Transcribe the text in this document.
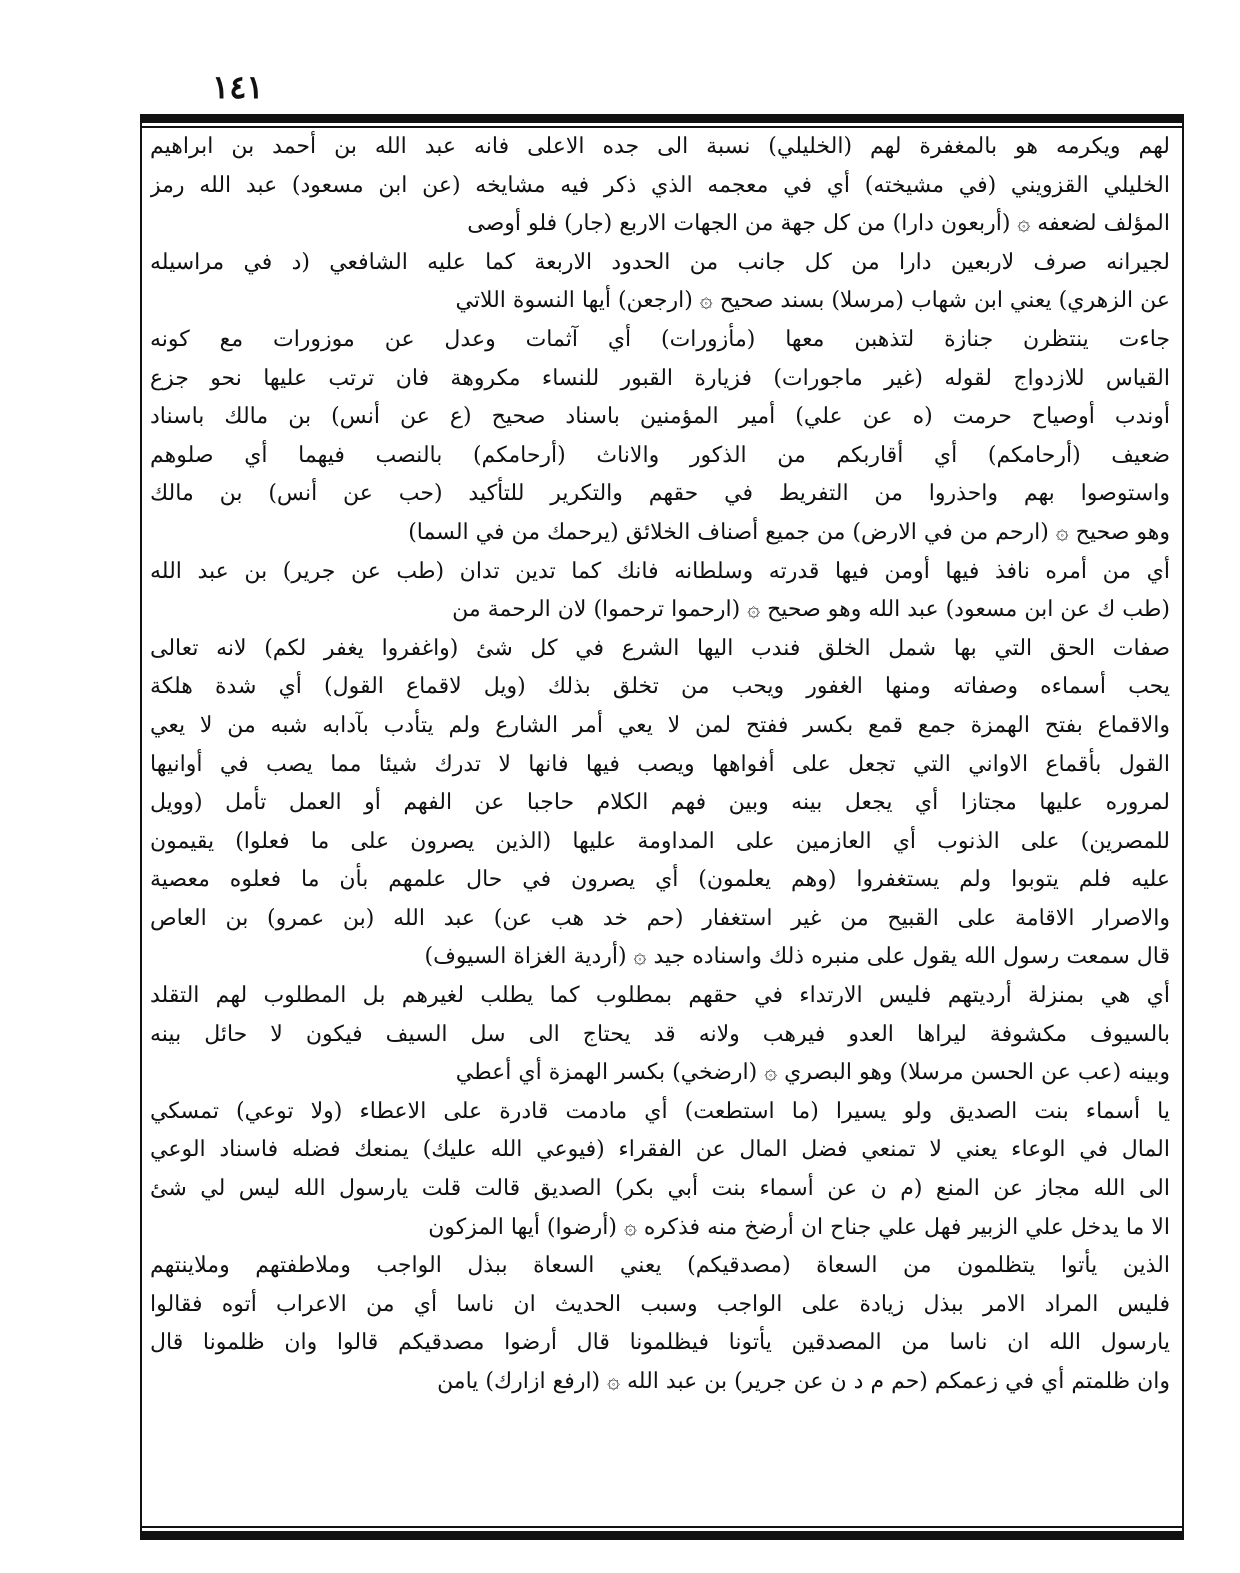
١٤١
لهم ويكرمه هو بالمغفرة لهم (الخليلي) نسبة الى جده الاعلى فانه عبد الله بن أحمد بن ابراهيم
الخليلي القزويني (في مشيخته) أي في معجمه الذي ذكر فيه مشايخه (عن ابن مسعود) عبد الله رمز
المؤلف لضعفه ۞ (أربعون دارا) من كل جهة من الجهات الاربع (جار) فلو أوصى
لجيرانه صرف لاربعين دارا من كل جانب من الحدود الاربعة كما عليه الشافعي (د في مراسيله
عن الزهري) يعني ابن شهاب (مرسلا) بسند صحيح ۞ (ارجعن) أيها النسوة اللاتي
جاءت ينتظرن جنازة لتذهبن معها (مأزورات) أي آثمات وعدل عن موزورات مع كونه
القياس للازدواج لقوله (غير ماجورات) فزيارة القبور للنساء مكروهة فان ترتب عليها نحو جزع
أوندب أوصياح حرمت (ه عن علي) أمير المؤمنين باسناد صحيح (ع عن أنس) بن مالك باسناد
ضعيف (أرحامكم) أي أقاربكم من الذكور والاناث (أرحامكم) بالنصب فيهما أي صلوهم
واستوصوا بهم واحذروا من التفريط في حقهم والتكرير للتأكيد (حب عن أنس) بن مالك
وهو صحيح ۞ (ارحم من في الارض) من جميع أصناف الخلائق (يرحمك من في السما)
أي من أمره نافذ فيها أومن فيها قدرته وسلطانه فانك كما تدين تدان (طب عن جرير) بن عبد الله
(طب ك عن ابن مسعود) عبد الله وهو صحيح ۞ (ارحموا ترحموا) لان الرحمة من
صفات الحق التي بها شمل الخلق فندب اليها الشرع في كل شئ (واغفروا يغفر لكم) لانه تعالى
يحب أسماءه وصفاته ومنها الغفور ويحب من تخلق بذلك (ويل لاقماع القول) أي شدة هلكة
والاقماع بفتح الهمزة جمع قمع بكسر ففتح لمن لا يعي أمر الشارع ولم يتأدب بآدابه شبه من لا يعي
القول بأقماع الاواني التي تجعل على أفواهها ويصب فيها فانها لا تدرك شيئا مما يصب في أوانيها
لمروره عليها مجتازا أي يجعل بينه وبين فهم الكلام حاجبا عن الفهم أو العمل تأمل (وويل
للمصرين) على الذنوب أي العازمين على المداومة عليها (الذين يصرون على ما فعلوا) يقيمون
عليه فلم يتوبوا ولم يستغفروا (وهم يعلمون) أي يصرون في حال علمهم بأن ما فعلوه معصية
والاصرار الاقامة على القبيح من غير استغفار (حم خد هب عن) عبد الله (بن عمرو) بن العاص
قال سمعت رسول الله يقول على منبره ذلك واسناده جيد ۞ (أردية الغزاة السيوف)
أي هي بمنزلة أرديتهم فليس الارتداء في حقهم بمطلوب كما يطلب لغيرهم بل المطلوب لهم التقلد
بالسيوف مكشوفة ليراها العدو فيرهب ولانه قد يحتاج الى سل السيف فيكون لا حائل بينه
وبينه (عب عن الحسن مرسلا) وهو البصري ۞ (ارضخي) بكسر الهمزة أي أعطي
يا أسماء بنت الصديق ولو يسيرا (ما استطعت) أي مادمت قادرة على الاعطاء (ولا توعي) تمسكي
المال في الوعاء يعني لا تمنعي فضل المال عن الفقراء (فيوعي الله عليك) يمنعك فضله فاسناد الوعي
الى الله مجاز عن المنع (م ن عن أسماء بنت أبي بكر) الصديق قالت قلت يارسول الله ليس لي شئ
الا ما يدخل علي الزبير فهل علي جناح ان أرضخ منه فذكره ۞ (أرضوا) أيها المزكون
الذين يأتوا يتظلمون من السعاة (مصدقيكم) يعني السعاة ببذل الواجب وملاطفتهم وملاينتهم
فليس المراد الامر ببذل زيادة على الواجب وسبب الحديث ان ناسا أي من الاعراب أتوه فقالوا
يارسول الله ان ناسا من المصدقين يأتونا فيظلمونا قال أرضوا مصدقيكم قالوا وان ظلمونا قال
وان ظلمتم أي في زعمكم (حم م د ن عن جرير) بن عبد الله ۞ (ارفع ازارك) يامن
